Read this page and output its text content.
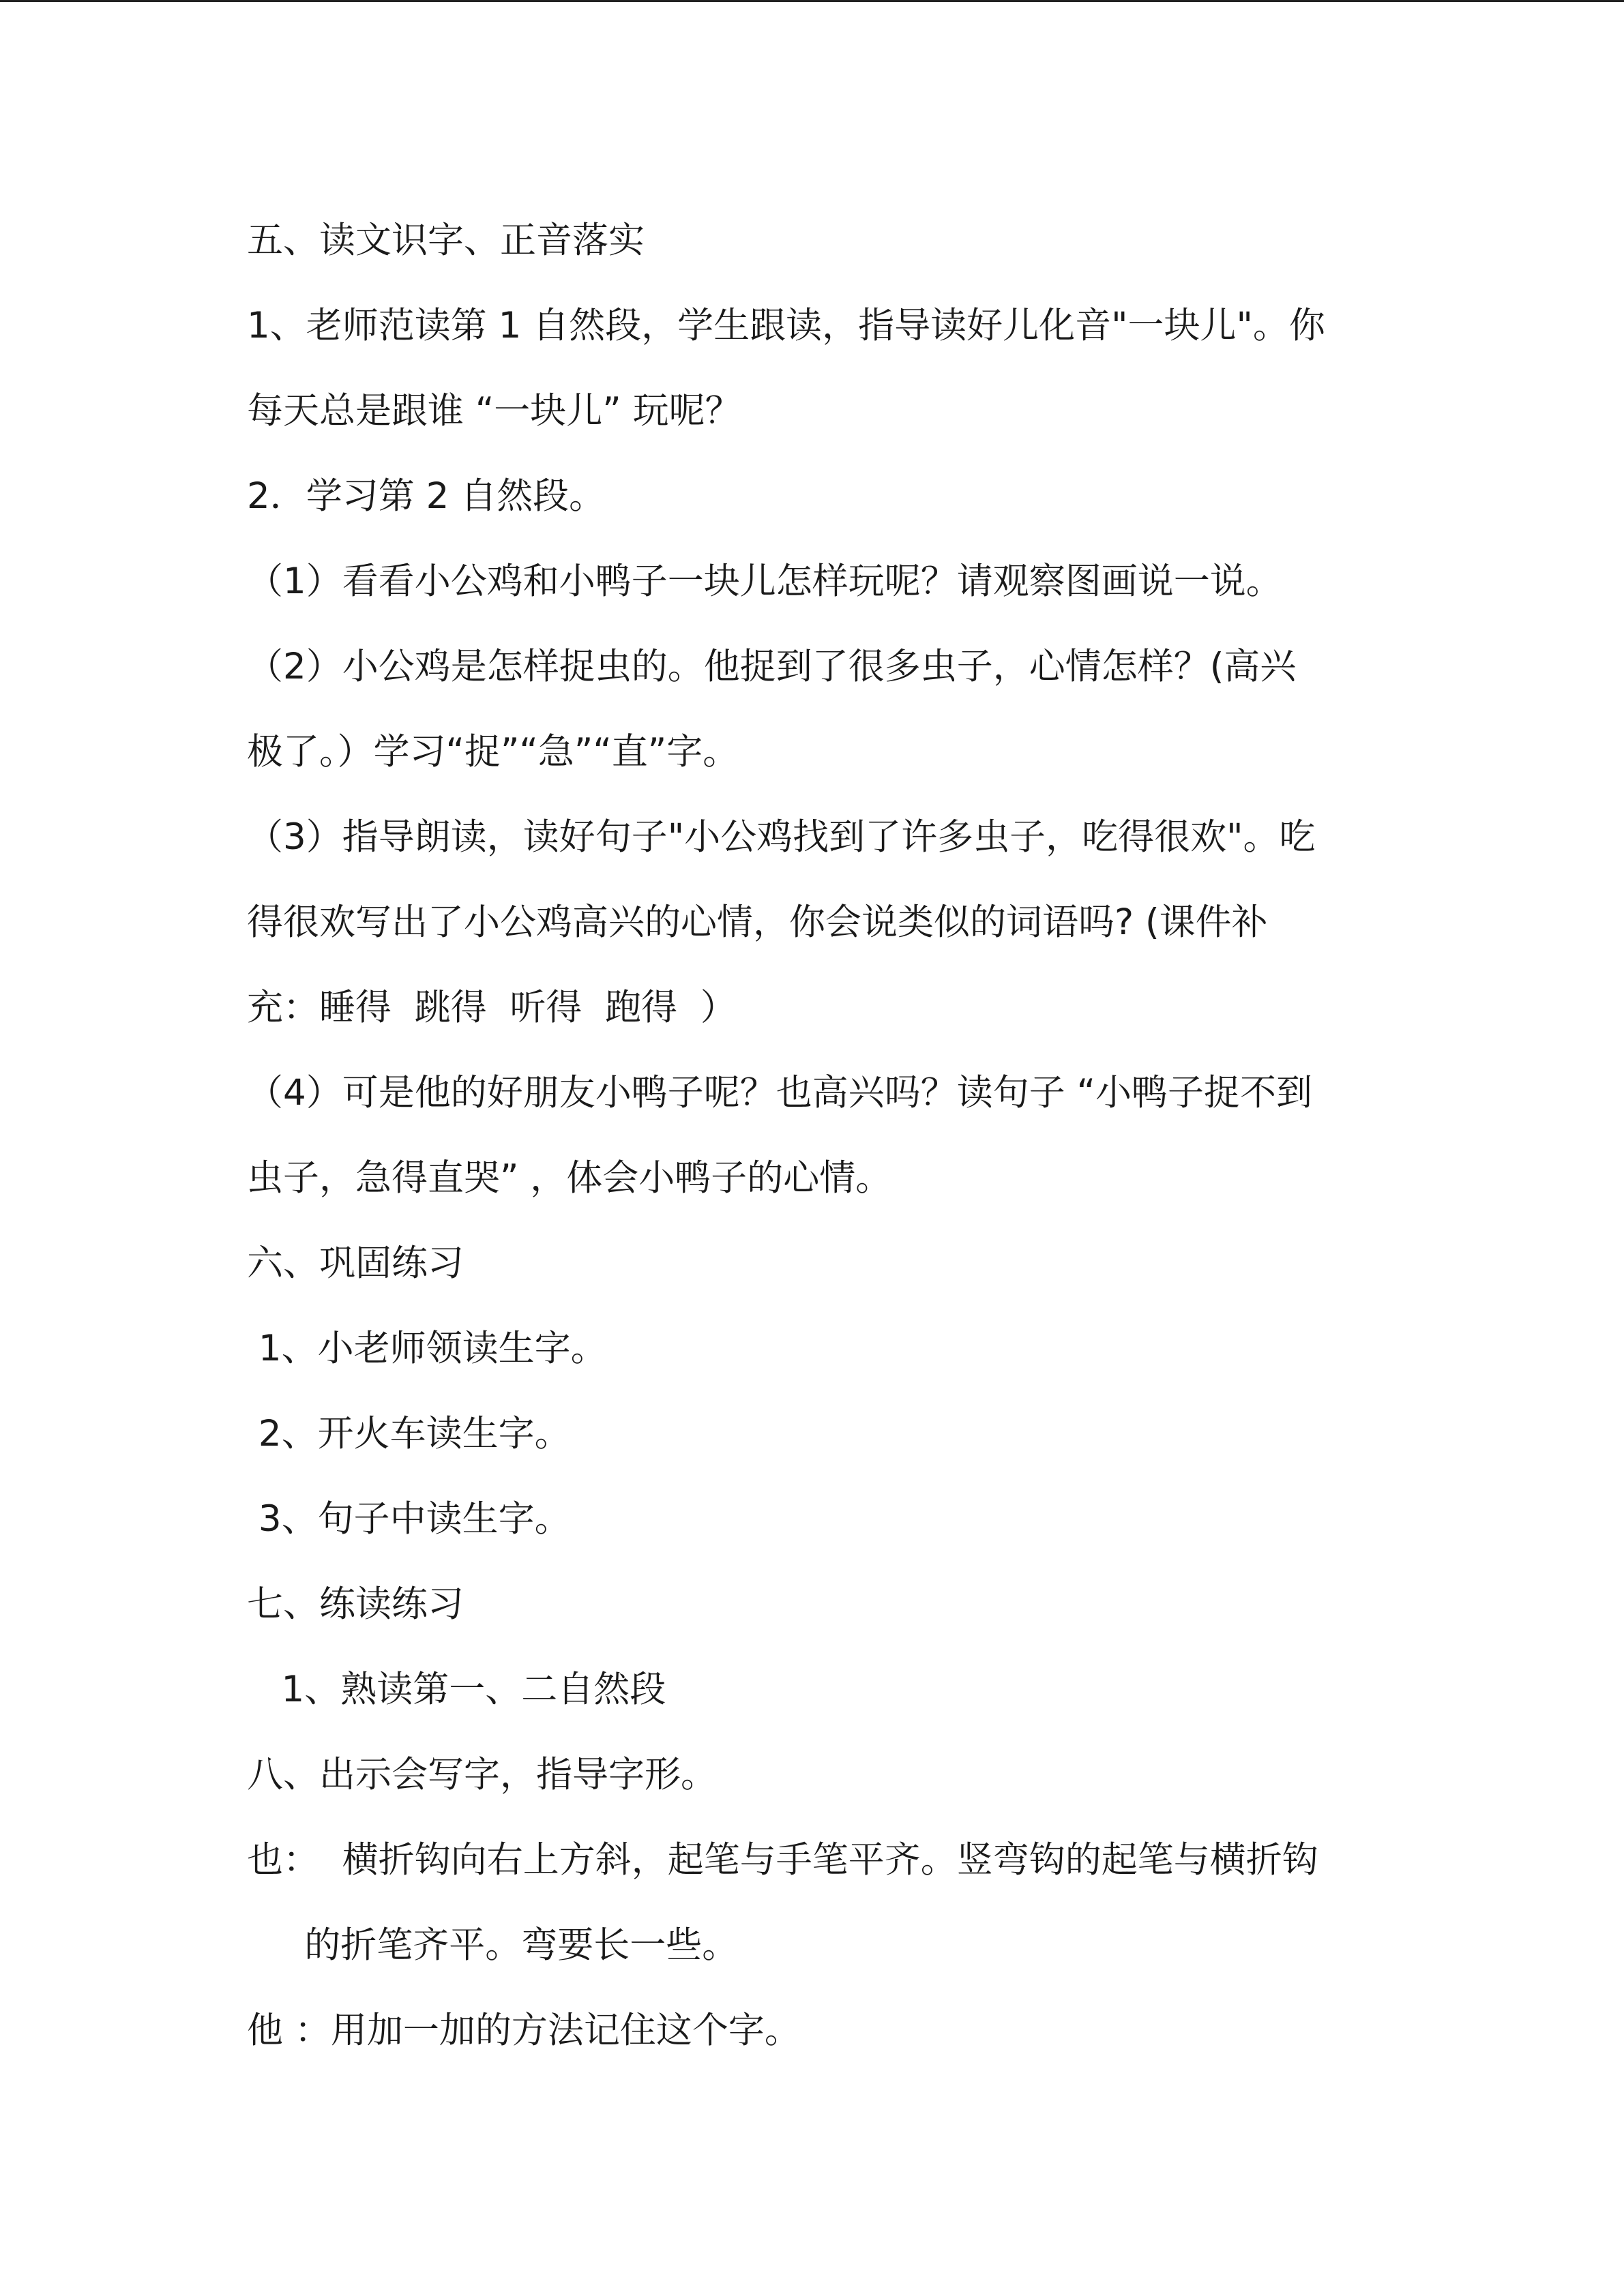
五、读文识字、正音落实
1、老师范读第 1 自然段，学生跟读，指导读好儿化音"一块儿"。你
每天总是跟谁 “一块儿” 玩呢？
2．学习第 2 自然段。
（1）看看小公鸡和小鸭子一块儿怎样玩呢？请观察图画说一说。
（2）小公鸡是怎样捉虫的。他捉到了很多虫子，心情怎样？(高兴
极了。）学习“捉”“急”“直”字。
（3）指导朗读，读好句子"小公鸡找到了许多虫子，吃得很欢"。吃
得很欢写出了小公鸡高兴的心情，你会说类似的词语吗? (课件补
充：睡得  跳得  听得  跑得  ）
（4）可是他的好朋友小鸭子呢？也高兴吗？读句子 “小鸭子捉不到
虫子，急得直哭” ，体会小鸭子的心情。
六、巩固练习
1、小老师领读生字。
2、开火车读生字。
3、句子中读生字。
七、练读练习
1、熟读第一、二自然段
八、出示会写字，指导字形。
也：  横折钩向右上方斜，起笔与手笔平齐。竖弯钩的起笔与横折钩
的折笔齐平。弯要长一些。
他 ：用加一加的方法记住这个字。
